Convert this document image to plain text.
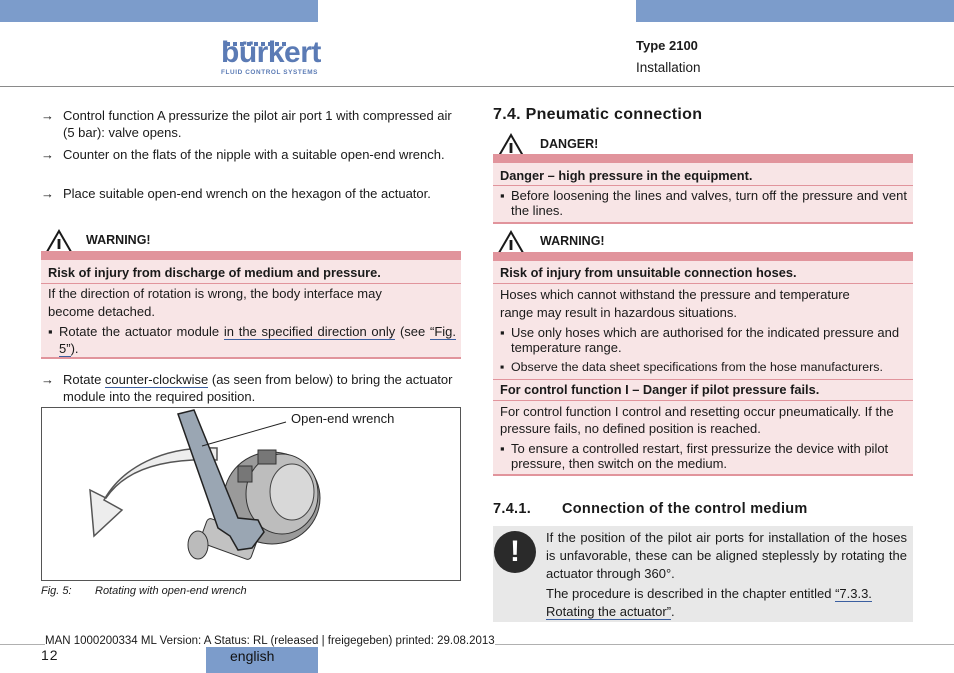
bürkert
FLUID CONTROL SYSTEMS
Type 2100
Installation
→ Control function A pressurize the pilot air port 1 with compressed air (5 bar): valve opens.
→ Counter on the flats of the nipple with a suitable open-end wrench.
→ Place suitable open-end wrench on the hexagon of the actuator.
WARNING!
Risk of injury from discharge of medium and pressure.
If the direction of rotation is wrong, the body interface may become detached.
▪ Rotate the actuator module in the specified direction only (see “Fig. 5”).
→ Rotate counter-clockwise (as seen from below) to bring the actuator module into the required position.
Open-end wrench
Fig. 5: Rotating with open-end wrench
7.4. Pneumatic connection
DANGER!
Danger – high pressure in the equipment.
▪ Before loosening the lines and valves, turn off the pressure and vent the lines.
WARNING!
Risk of injury from unsuitable connection hoses.
Hoses which cannot withstand the pressure and temperature range may result in hazardous situations.
▪ Use only hoses which are authorised for the indicated pressure and temperature range.
▪ Observe the data sheet specifications from the hose manufacturers.
For control function I – Danger if pilot pressure fails.
For control function I control and resetting occur pneumatically. If the pressure fails, no defined position is reached.
▪ To ensure a controlled restart, first pressurize the device with pilot pressure, then switch on the medium.
7.4.1. Connection of the control medium
!	If the position of the pilot air ports for installation of the hoses is unfavorable, these can be aligned steplessly by rotating the actuator through 360°.
The procedure is described in the chapter entitled “7.3.3. Rotating the actuator”.
MAN 1000200334 ML Version: A Status: RL (released | freigegeben) printed: 29.08.2013
12	english
